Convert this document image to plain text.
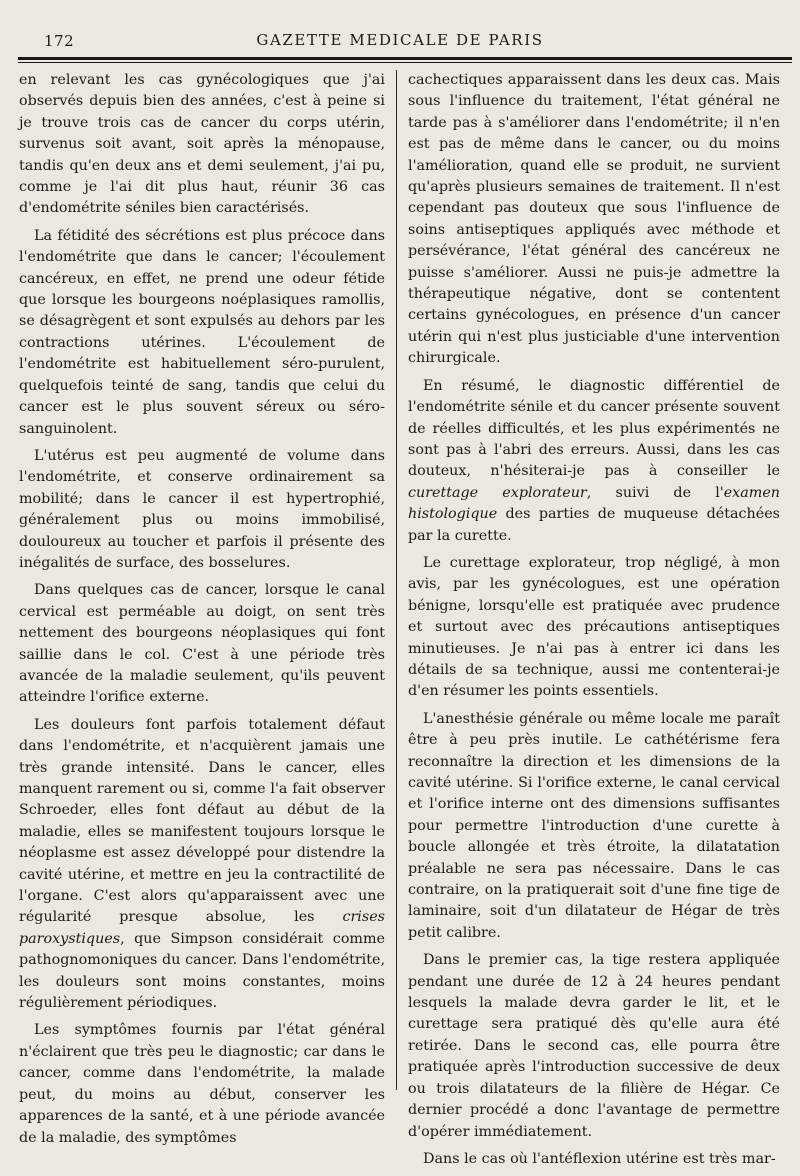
172	GAZETTE MEDICALE DE PARIS

en relevant les cas gynécologiques que j'ai observés depuis bien des années, c'est à peine si je trouve trois cas de cancer du corps utérin, survenus soit avant, soit après la ménopause, tandis qu'en deux ans et demi seulement, j'ai pu, comme je l'ai dit plus haut, réunir 36 cas d'endométrite séniles bien caractérisés.

La fétidité des sécrétions est plus précoce dans l'endométrite que dans le cancer; l'écoulement cancéreux, en effet, ne prend une odeur fétide que lorsque les bourgeons noéplasiques ramollis, se désagrègent et sont expulsés au dehors par les contractions utérines. L'écoulement de l'endométrite est habituellement séro-purulent, quelquefois teinté de sang, tandis que celui du cancer est le plus souvent séreux ou séro-sanguinolent.

L'utérus est peu augmenté de volume dans l'endométrite, et conserve ordinairement sa mobilité; dans le cancer il est hypertrophié, généralement plus ou moins immobilisé, douloureux au toucher et parfois il présente des inégalités de surface, des bosselures.

Dans quelques cas de cancer, lorsque le canal cervical est perméable au doigt, on sent très nettement des bourgeons néoplasiques qui font saillie dans le col. C'est à une période très avancée de la maladie seulement, qu'ils peuvent atteindre l'orifice externe.

Les douleurs font parfois totalement défaut dans l'endométrite, et n'acquièrent jamais une très grande intensité. Dans le cancer, elles manquent rarement ou si, comme l'a fait observer Schroeder, elles font défaut au début de la maladie, elles se manifestent toujours lorsque le néoplasme est assez développé pour distendre la cavité utérine, et mettre en jeu la contractilité de l'organe. C'est alors qu'apparaissent avec une régularité presque absolue, les crises paroxystiques, que Simpson considérait comme pathognomoniques du cancer. Dans l'endométrite, les douleurs sont moins constantes, moins régulièrement périodiques.

Les symptômes fournis par l'état général n'éclairent que très peu le diagnostic; car dans le cancer, comme dans l'endométrite, la malade peut, du moins au début, conserver les apparences de la santé, et à une période avancée de la maladie, des symptômes

cachectiques apparaissent dans les deux cas. Mais sous l'influence du traitement, l'état général ne tarde pas à s'améliorer dans l'endométrite; il n'en est pas de même dans le cancer, ou du moins l'amélioration, quand elle se produit, ne survient qu'après plusieurs semaines de traitement. Il n'est cependant pas douteux que sous l'influence de soins antiseptiques appliqués avec méthode et persévérance, l'état général des cancéreux ne puisse s'améliorer. Aussi ne puis-je admettre la thérapeutique négative, dont se contentent certains gynécologues, en présence d'un cancer utérin qui n'est plus justiciable d'une intervention chirurgicale.

En résumé, le diagnostic différentiel de l'endométrite sénile et du cancer présente souvent de réelles difficultés, et les plus expérimentés ne sont pas à l'abri des erreurs. Aussi, dans les cas douteux, n'hésiterai-je pas à conseiller le curettage explorateur, suivi de l'examen histologique des parties de muqueuse détachées par la curette.

Le curettage explorateur, trop négligé, à mon avis, par les gynécologues, est une opération bénigne, lorsqu'elle est pratiquée avec prudence et surtout avec des précautions antiseptiques minutieuses. Je n'ai pas à entrer ici dans les détails de sa technique, aussi me contenterai-je d'en résumer les points essentiels.

L'anesthésie générale ou même locale me paraît être à peu près inutile. Le cathétérisme fera reconnaître la direction et les dimensions de la cavité utérine. Si l'orifice externe, le canal cervical et l'orifice interne ont des dimensions suffisantes pour permettre l'introduction d'une curette à boucle allongée et très étroite, la dilatatation préalable ne sera pas nécessaire. Dans le cas contraire, on la pratiquerait soit d'une fine tige de laminaire, soit d'un dilatateur de Hégar de très petit calibre.

Dans le premier cas, la tige restera appliquée pendant une durée de 12 à 24 heures pendant lesquels la malade devra garder le lit, et le curettage sera pratiqué dès qu'elle aura été retirée. Dans le second cas, elle pourra être pratiquée après l'introduction successive de deux ou trois dilatateurs de la filière de Hégar. Ce dernier procédé a donc l'avantage de permettre d'opérer immédiatement.

Dans le cas où l'antéflexion utérine est très mar-
